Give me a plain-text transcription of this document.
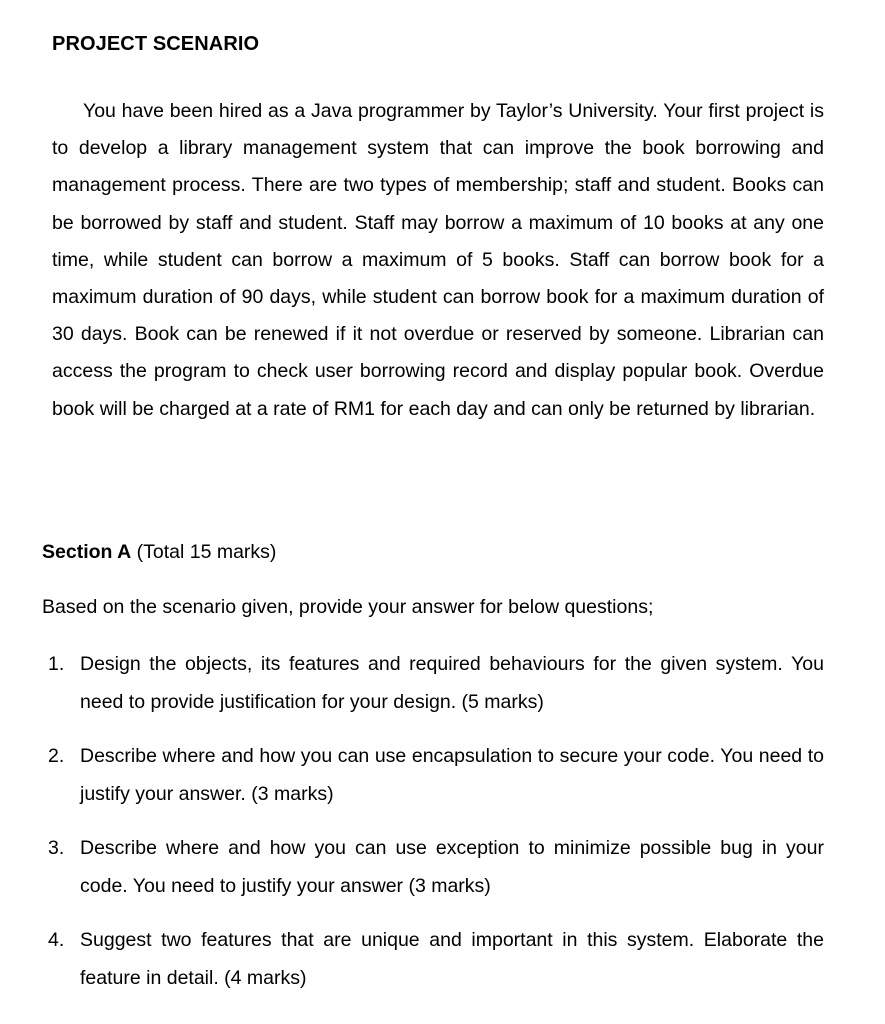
PROJECT SCENARIO

You have been hired as a Java programmer by Taylor’s University. Your first project is to develop a library management system that can improve the book borrowing and management process. There are two types of membership; staff and student. Books can be borrowed by staff and student. Staff may borrow a maximum of 10 books at any one time, while student can borrow a maximum of 5 books. Staff can borrow book for a maximum duration of 90 days, while student can borrow book for a maximum duration of 30 days. Book can be renewed if it not overdue or reserved by someone. Librarian can access the program to check user borrowing record and display popular book. Overdue book will be charged at a rate of RM1 for each day and can only be returned by librarian.

Section A (Total 15 marks)
Based on the scenario given, provide your answer for below questions;
1. Design the objects, its features and required behaviours for the given system. You need to provide justification for your design. (5 marks)
2. Describe where and how you can use encapsulation to secure your code. You need to justify your answer. (3 marks)
3. Describe where and how you can use exception to minimize possible bug in your code. You need to justify your answer (3 marks)
4. Suggest two features that are unique and important in this system. Elaborate the feature in detail. (4 marks)
